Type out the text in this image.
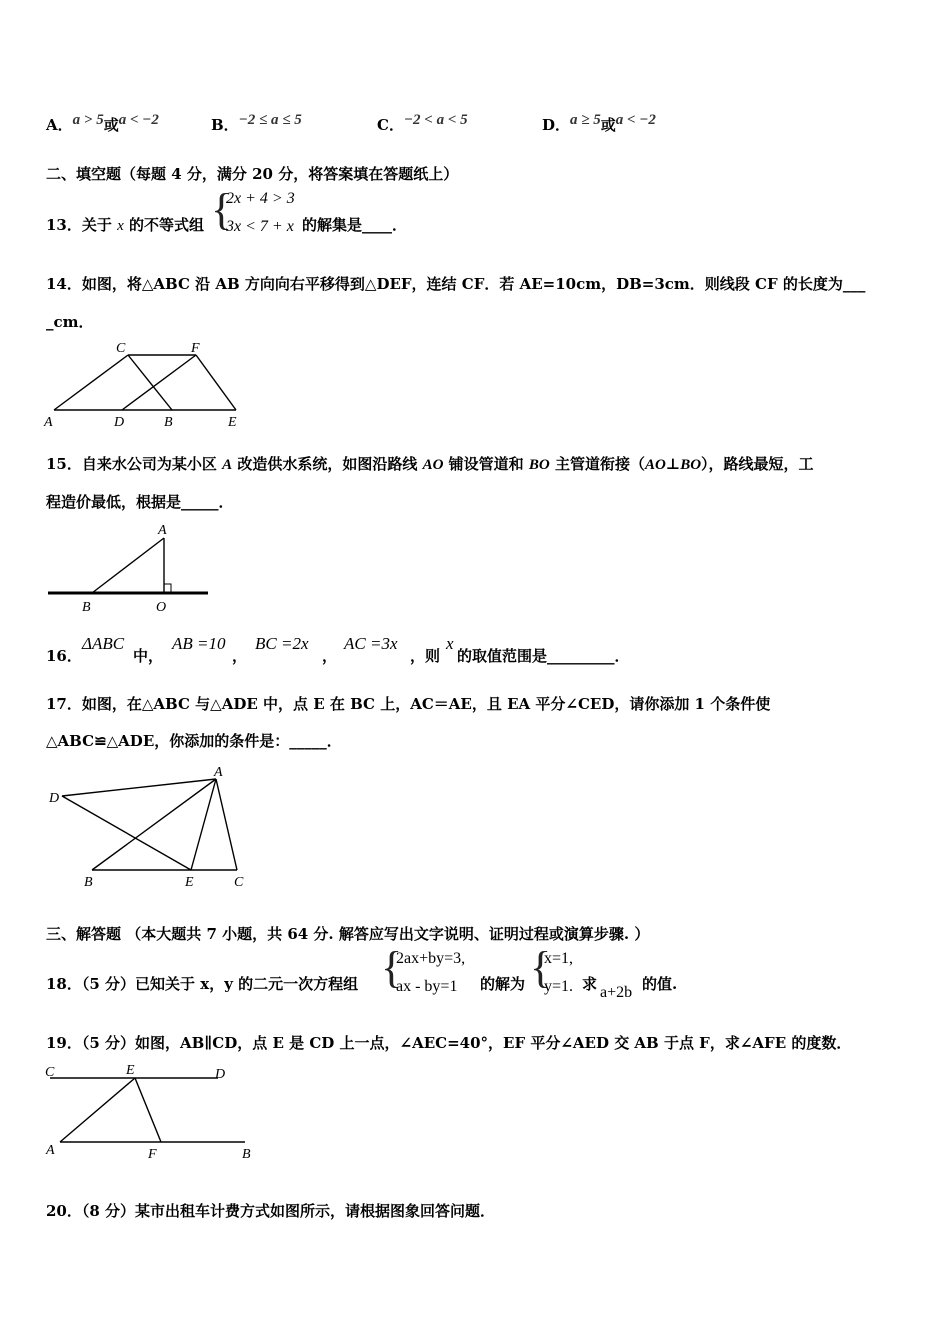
A．a > 5或a < −2	B．−2 ≤ a ≤ 5	C．−2 < a < 5	D．a ≥ 5或a < −2
二、填空题（每题 4 分，满分 20 分，将答案填在答题纸上）
13．关于 x 的不等式组 {
2x + 4 > 3
3x < 7 + x 的解集是____．
14．如图，将△ABC 沿 AB 方向向右平移得到△DEF，连结 CF．若 AE=10cm，DB=3cm．则线段 CF 的长度为___
_cm．
C	F
A	D	B	E
15．自来水公司为某小区 A 改造供水系统，如图沿路线 AO 铺设管道和 BO 主管道衔接（AO⊥BO），路线最短，工
程造价最低，根据是_____．
A
B	O
16．
ΔABC
中，
AB =10
，
BC =2x
，
AC =3x
，则
x
的取值范围是_________．
17．如图，在△ABC 与△ADE 中，点 E 在 BC 上，AC＝AE，且 EA 平分∠CED，请你添加 1 个条件使
△ABC≌△ADE，你添加的条件是：_____．
A
D
B	E	C
三、解答题 （本大题共 7 小题，共 64 分. 解答应写出文字说明、证明过程或演算步骤. ）
18．（5 分）已知关于 x，y 的二元一次方程组 {
2ax+by=3,
ax - by=1 的解为 {
x=1,
y=1. 求 a+2b 的值.
19．（5 分）如图，AB∥CD，点 E 是 CD 上一点，∠AEC=40°，EF 平分∠AED 交 AB 于点 F，求∠AFE 的度数．
C	E	D
A	F	B
20．（8 分）某市出租车计费方式如图所示，请根据图象回答问题．
